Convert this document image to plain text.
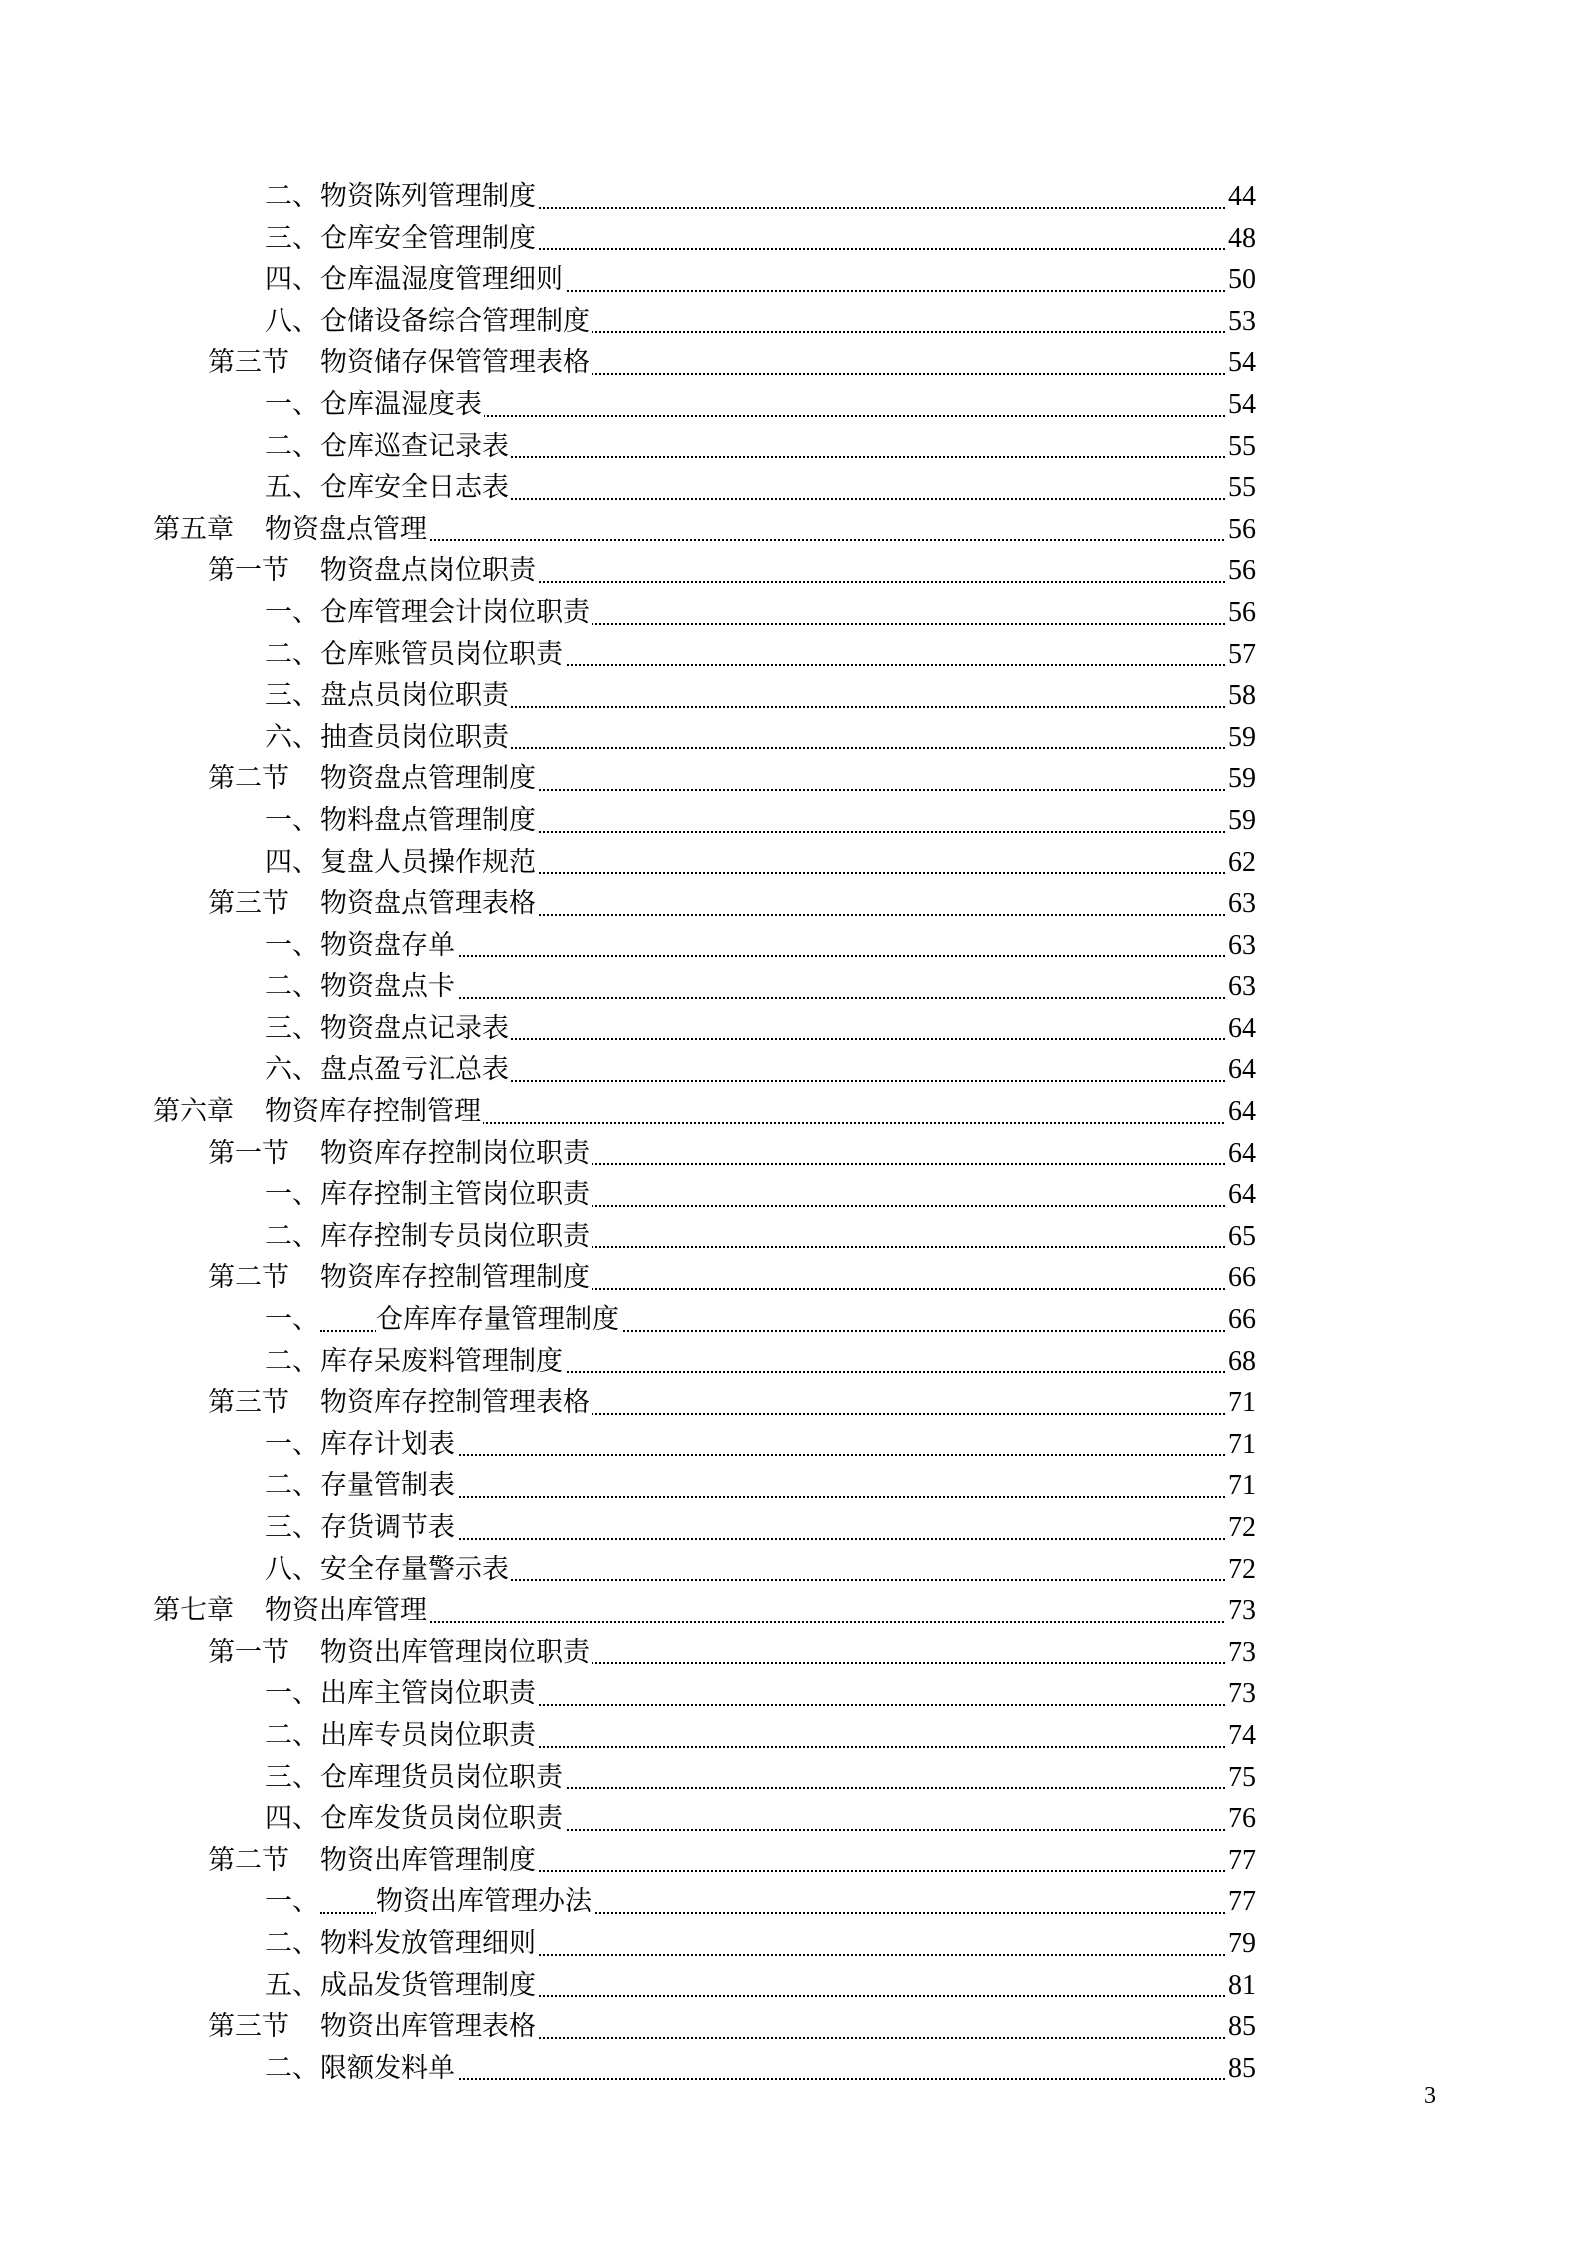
二、 物资陈列管理制度	44
三、 仓库安全管理制度	48
四、 仓库温湿度管理细则	50
八、 仓储设备综合管理制度	53
第三节 物资储存保管管理表格	54
一、 仓库温湿度表	54
二、 仓库巡查记录表	55
五、 仓库安全日志表	55
第五章 物资盘点管理	56
第一节 物资盘点岗位职责	56
一、 仓库管理会计岗位职责	56
二、 仓库账管员岗位职责	57
三、 盘点员岗位职责	58
六、 抽查员岗位职责	59
第二节 物资盘点管理制度	59
一、 物料盘点管理制度	59
四、 复盘人员操作规范	62
第三节 物资盘点管理表格	63
一、 物资盘存单	63
二、 物资盘点卡	63
三、 物资盘点记录表	64
六、 盘点盈亏汇总表	64
第六章 物资库存控制管理	64
第一节 物资库存控制岗位职责	64
一、 库存控制主管岗位职责	64
二、 库存控制专员岗位职责	65
第二节 物资库存控制管理制度	66
一、 仓库库存量管理制度	66
二、 库存呆废料管理制度	68
第三节 物资库存控制管理表格	71
一、 库存计划表	71
二、 存量管制表	71
三、 存货调节表	72
八、 安全存量警示表	72
第七章 物资出库管理	73
第一节 物资出库管理岗位职责	73
一、 出库主管岗位职责	73
二、 出库专员岗位职责	74
三、 仓库理货员岗位职责	75
四、 仓库发货员岗位职责	76
第二节 物资出库管理制度	77
一、 物资出库管理办法	77
二、 物料发放管理细则	79
五、 成品发货管理制度	81
第三节 物资出库管理表格	85
二、 限额发料单	85
3
